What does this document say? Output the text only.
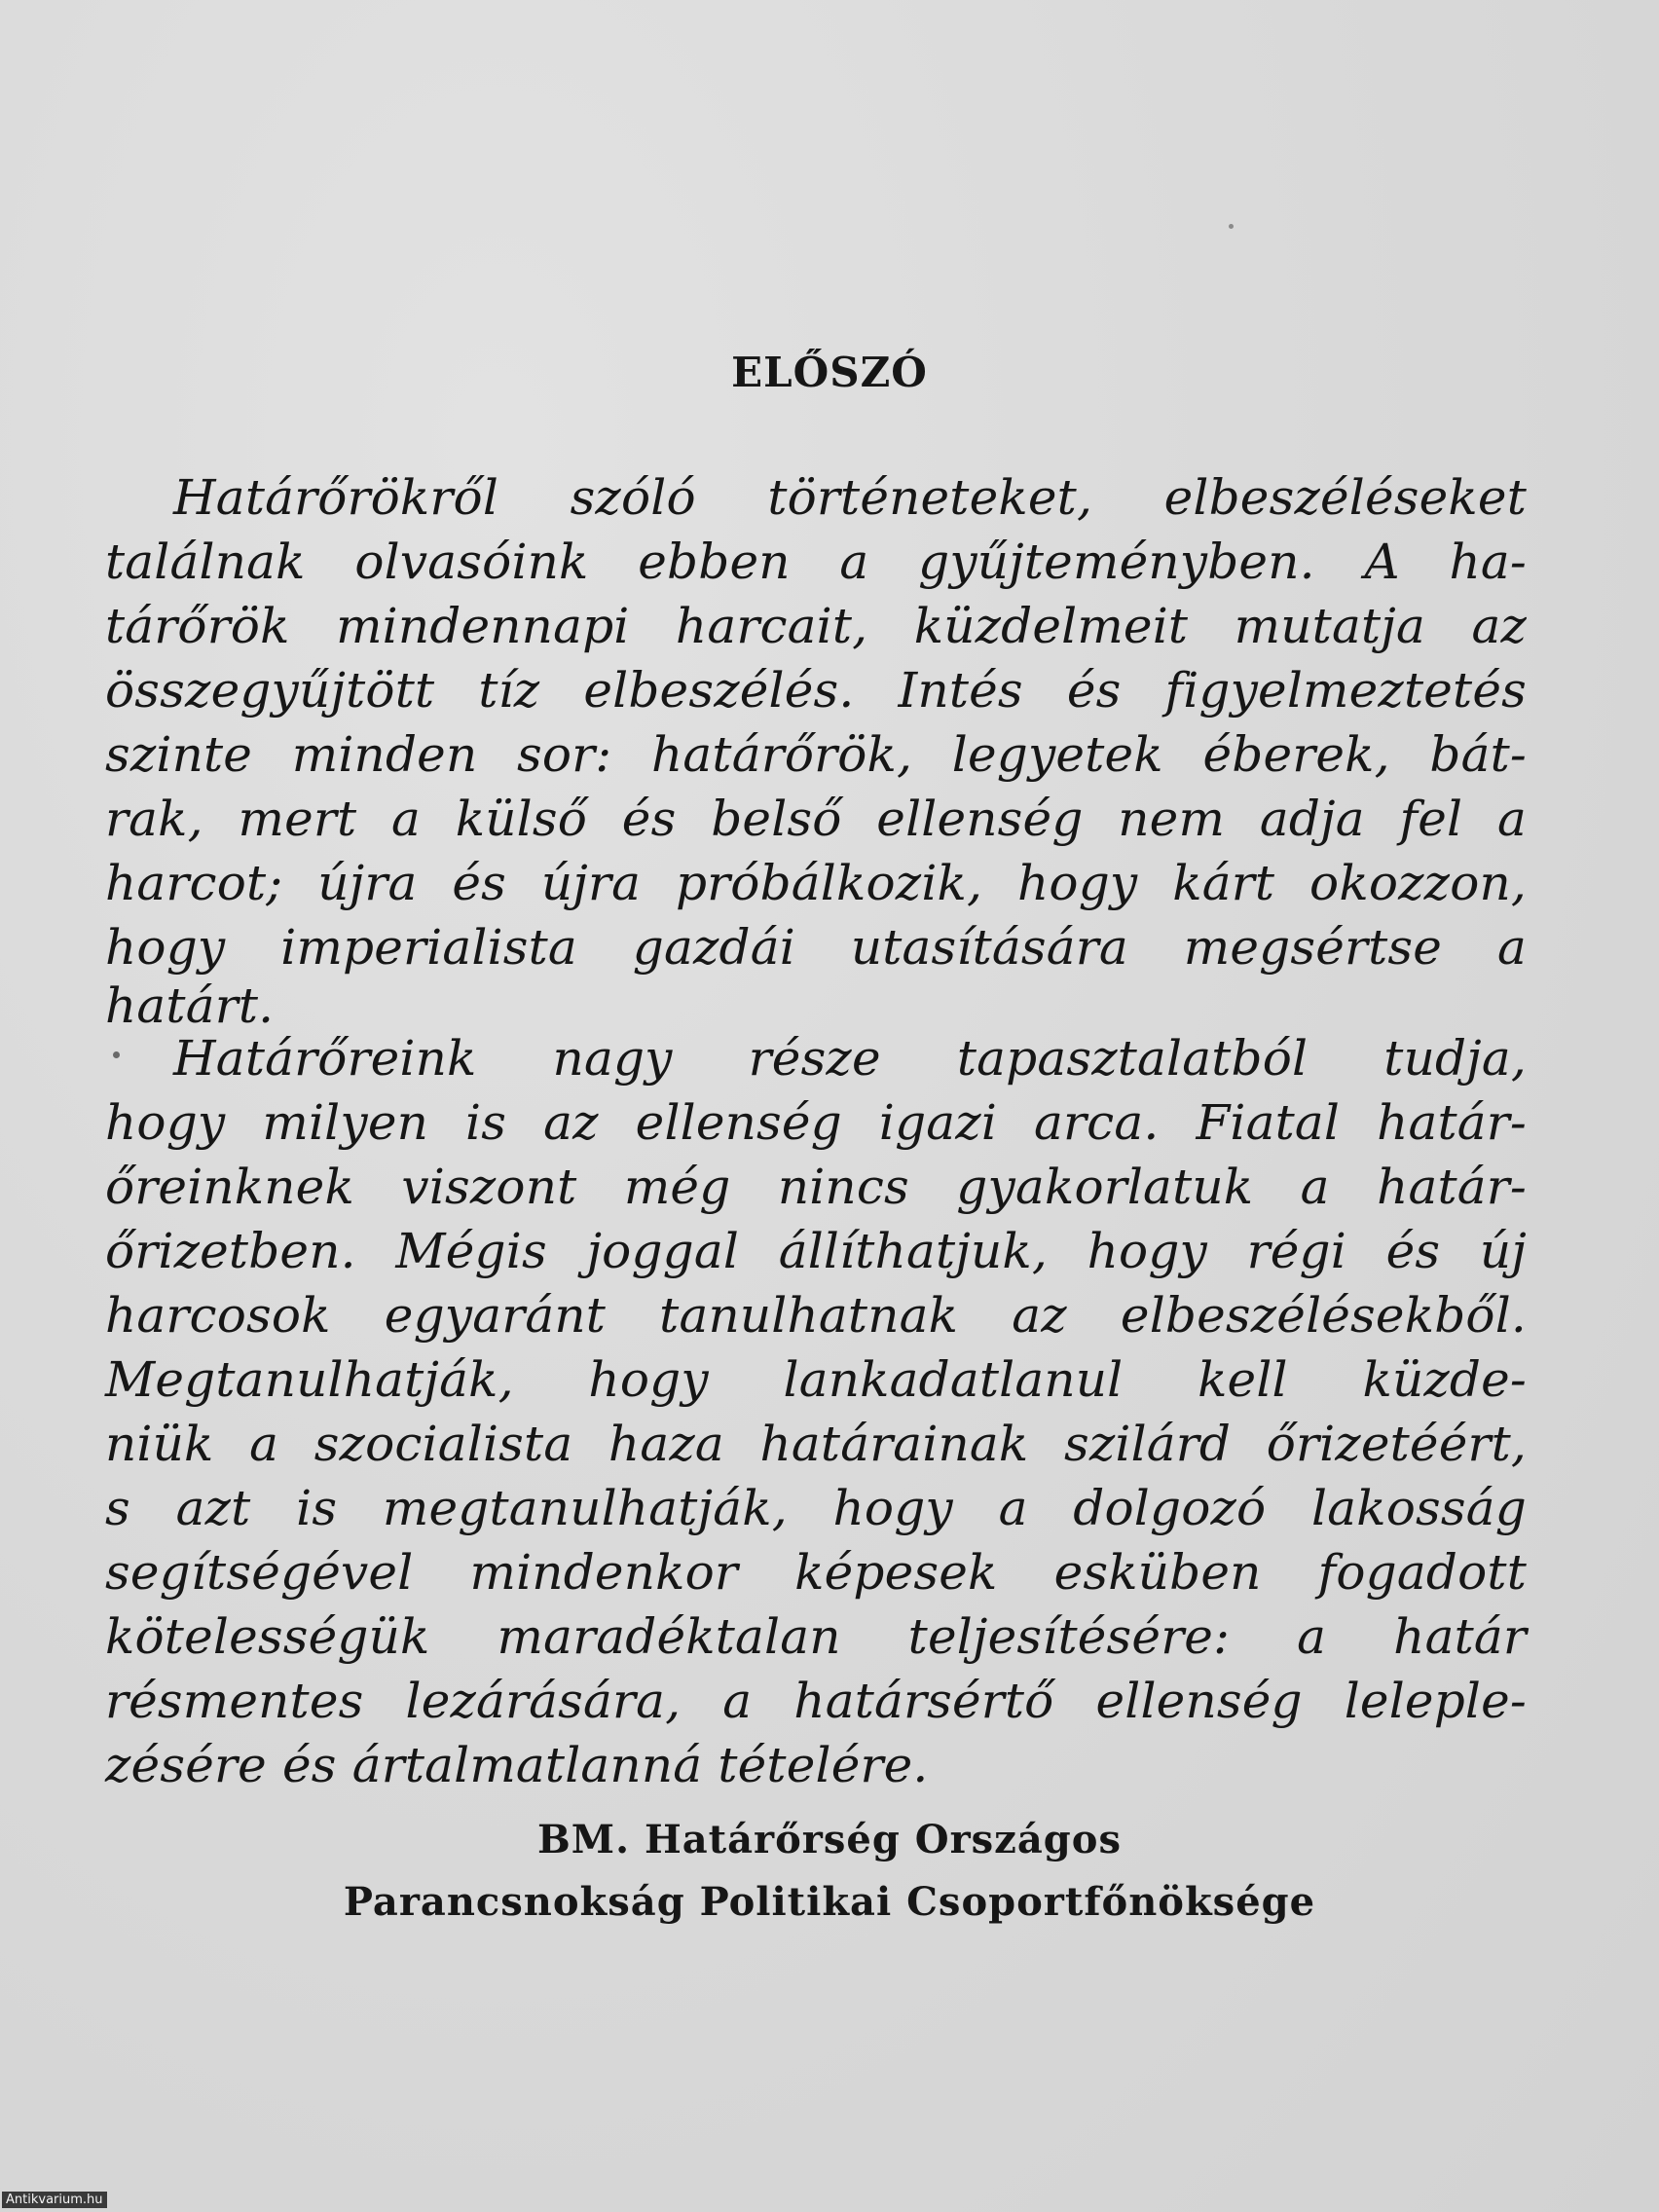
ELŐSZÓ
Határőrökről szóló történeteket, elbeszéléseket
találnak olvasóink ebben a gyűjteményben. A ha-
tárőrök mindennapi harcait, küzdelmeit mutatja az
összegyűjtött tíz elbeszélés. Intés és figyelmeztetés
szinte minden sor: határőrök, legyetek éberek, bát-
rak, mert a külső és belső ellenség nem adja fel a
harcot; újra és újra próbálkozik, hogy kárt okozzon,
hogy imperialista gazdái utasítására megsértse a
határt.
Határőreink nagy része tapasztalatból tudja,
hogy milyen is az ellenség igazi arca. Fiatal határ-
őreinknek viszont még nincs gyakorlatuk a határ-
őrizetben. Mégis joggal állíthatjuk, hogy régi és új
harcosok egyaránt tanulhatnak az elbeszélésekből.
Megtanulhatják, hogy lankadatlanul kell küzde-
niük a szocialista haza határainak szilárd őrizetéért,
s azt is megtanulhatják, hogy a dolgozó lakosság
segítségével mindenkor képesek esküben fogadott
kötelességük maradéktalan teljesítésére: a határ
résmentes lezárására, a határsértő ellenség leleple-
zésére és ártalmatlanná tételére.
BM. Határőrség Országos
Parancsnokság Politikai Csoportfőnöksége
Antikvarium.hu
